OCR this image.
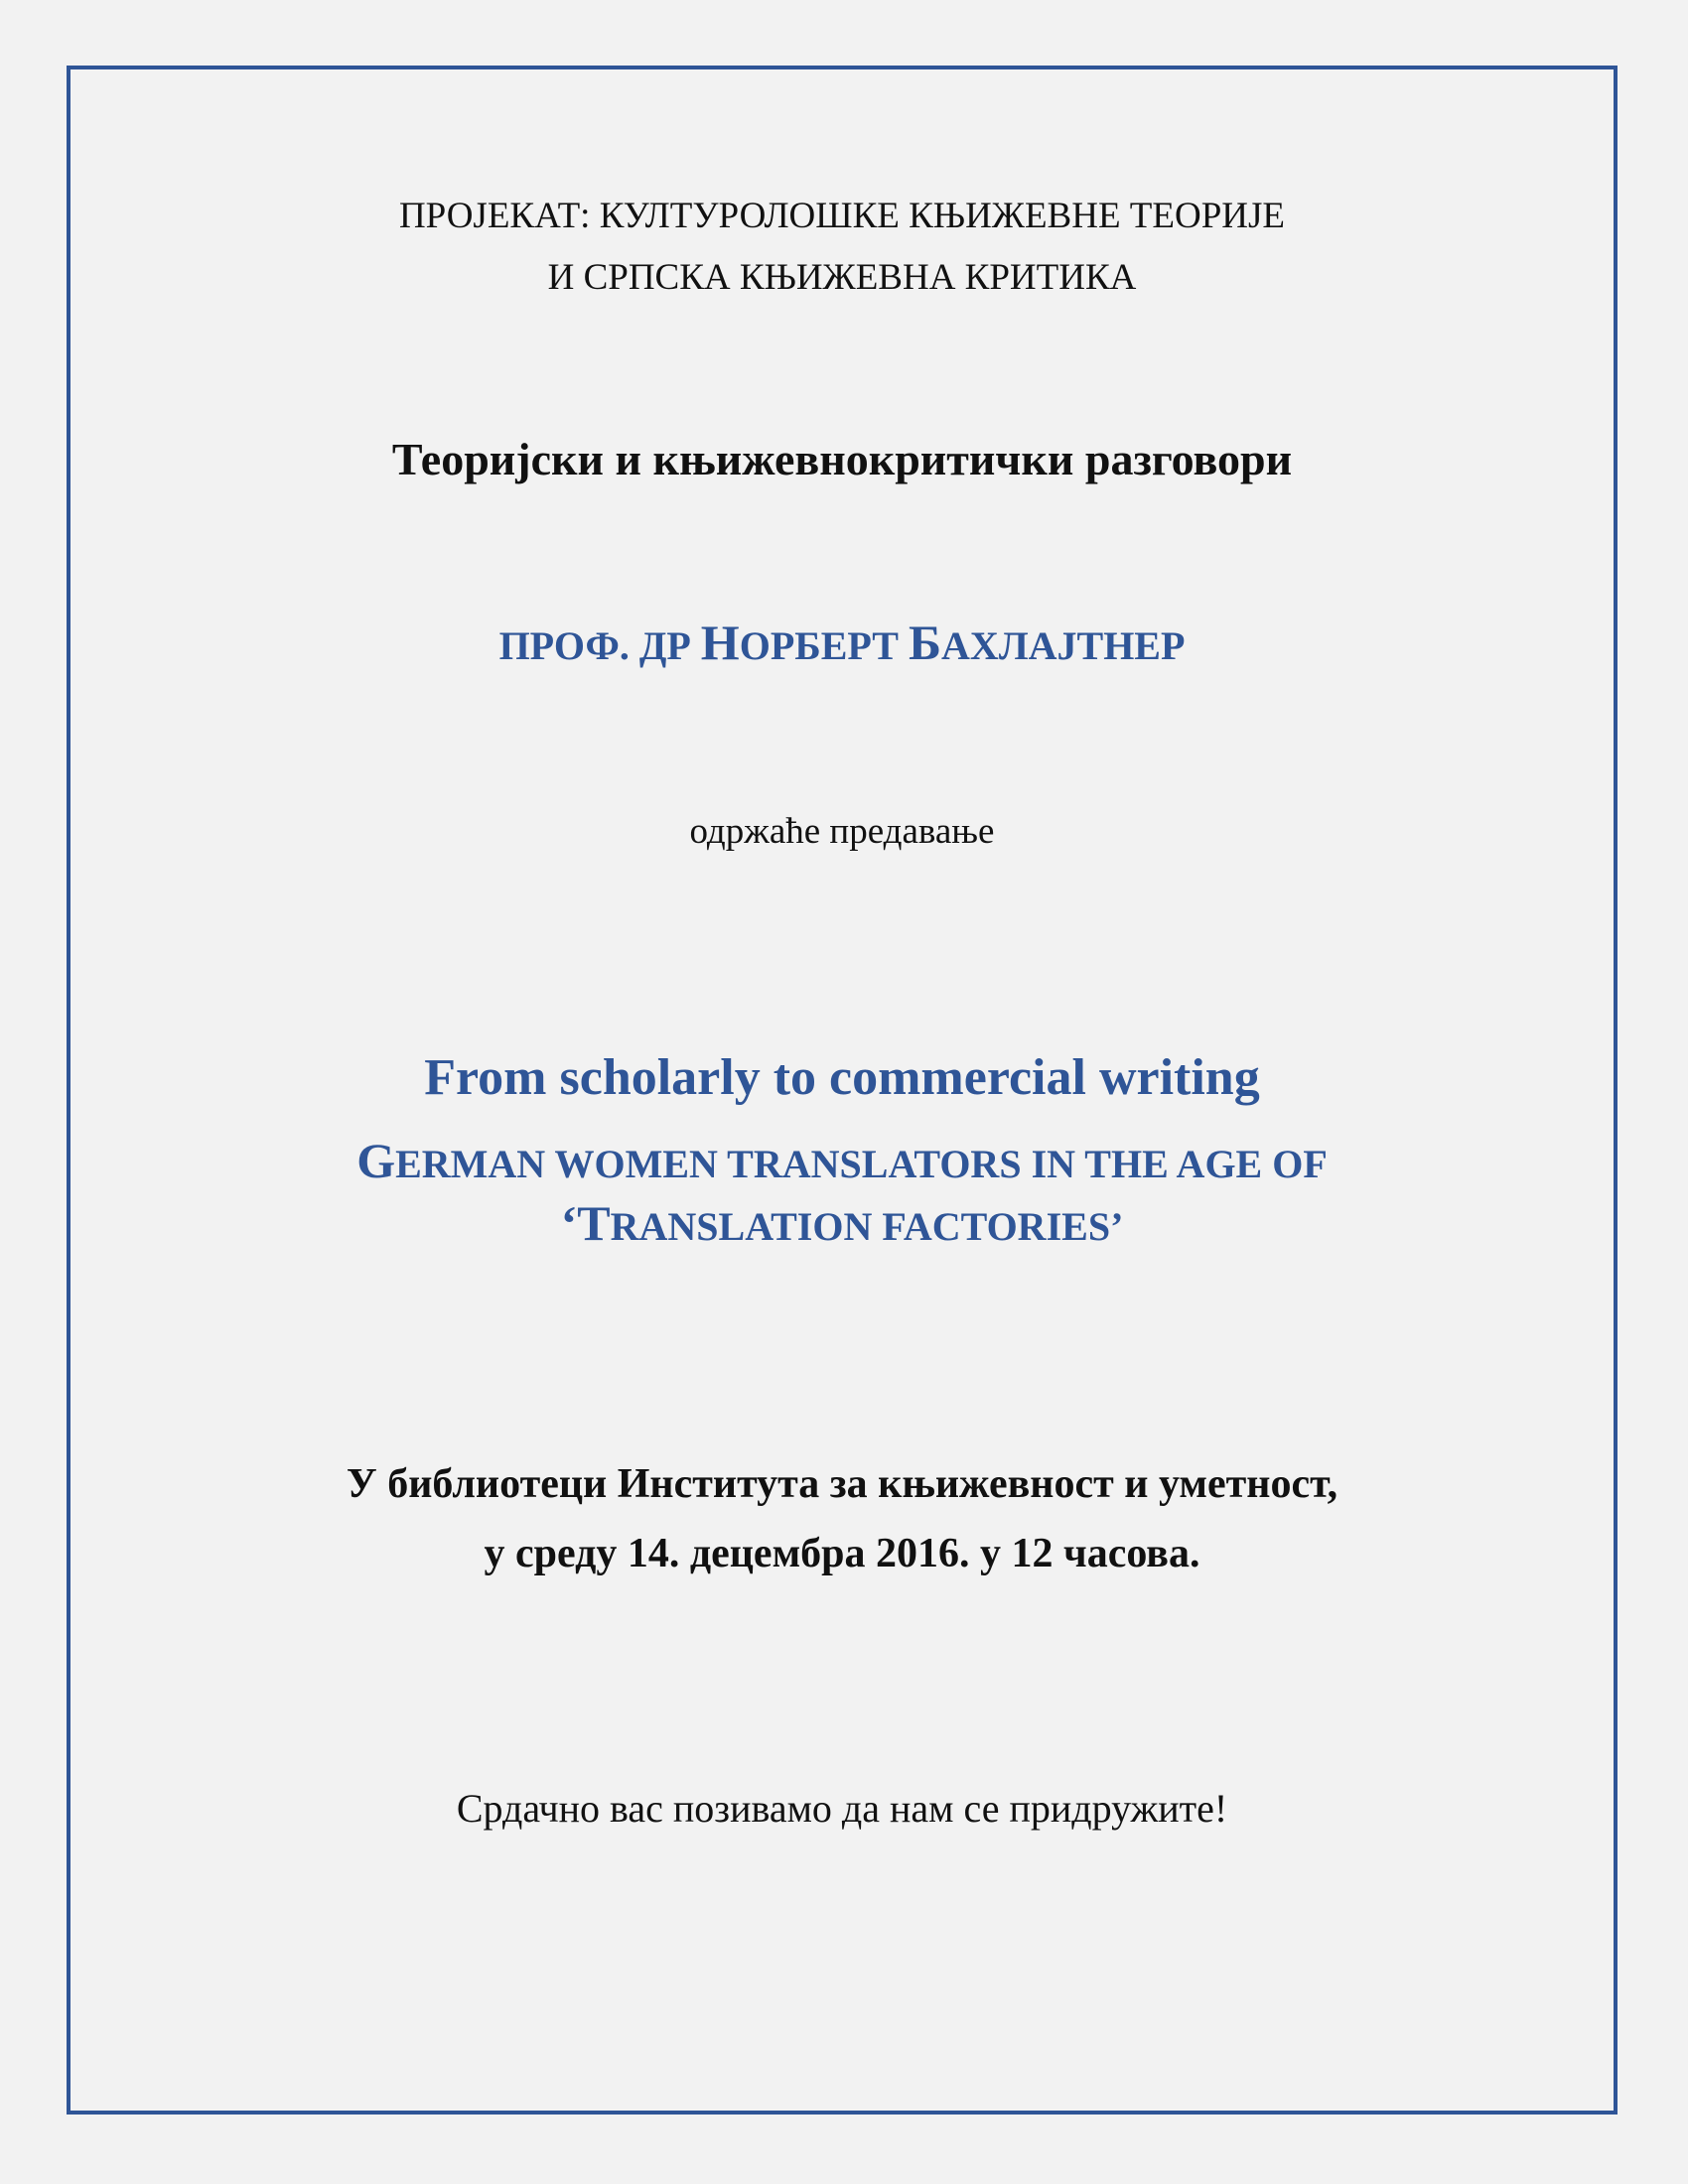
ПРОЈЕКАТ: КУЛТУРОЛОШКЕ КЊИЖЕВНЕ ТЕОРИЈЕ

И СРПСКА КЊИЖЕВНА КРИТИКА

Теоријски и књижевнокритички разговори

ПРОФ. ДР НОРБЕРТ БАХЛАЈТНЕР

одржаће предавање

From scholarly to commercial writing

GERMAN WOMEN TRANSLATORS IN THE AGE OF

‘TRANSLATION FACTORIES’

У библиотеци Института за књижевност и уметност,

у среду 14. децембра 2016. у 12 часова.

Срдачно вас позивамо да нам се придружите!
